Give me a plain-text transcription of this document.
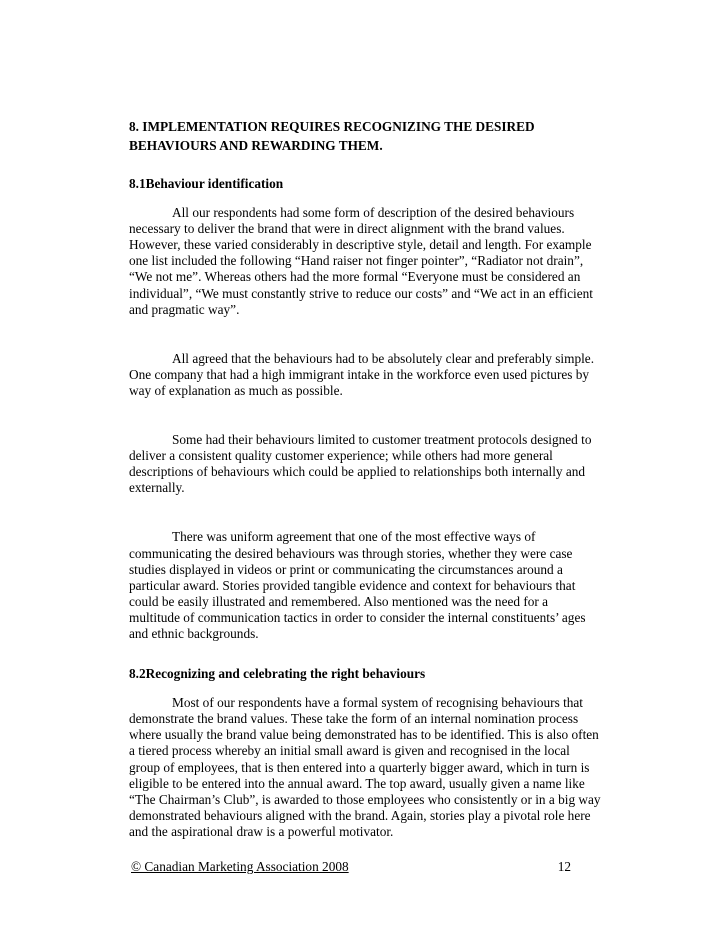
8. IMPLEMENTATION REQUIRES RECOGNIZING THE DESIRED BEHAVIOURS AND REWARDING THEM.
8.1Behaviour identification

All our respondents had some form of description of the desired behaviours necessary to deliver the brand that were in direct alignment with the brand values. However, these varied considerably in descriptive style, detail and length. For example one list included the following “Hand raiser not finger pointer”, “Radiator not drain”, “We not me”. Whereas others had the more formal “Everyone must be considered an individual”, “We must constantly strive to reduce our costs” and “We act in an efficient and pragmatic way”.

All agreed that the behaviours had to be absolutely clear and preferably simple. One company that had a high immigrant intake in the workforce even used pictures by way of explanation as much as possible.

Some had their behaviours limited to customer treatment protocols designed to deliver a consistent quality customer experience; while others had more general descriptions of behaviours which could be applied to relationships both internally and externally.

There was uniform agreement that one of the most effective ways of communicating the desired behaviours was through stories, whether they were case studies displayed in videos or print or communicating the circumstances around a particular award. Stories provided tangible evidence and context for behaviours that could be easily illustrated and remembered. Also mentioned was the need for a multitude of communication tactics in order to consider the internal constituents’ ages and ethnic backgrounds.

8.2Recognizing and celebrating the right behaviours

Most of our respondents have a formal system of recognising behaviours that demonstrate the brand values. These take the form of an internal nomination process where usually the brand value being demonstrated has to be identified. This is also often a tiered process whereby an initial small award is given and recognised in the local group of employees, that is then entered into a quarterly bigger award, which in turn is eligible to be entered into the annual award. The top award, usually given a name like “The Chairman’s Club”, is awarded to those employees who consistently or in a big way demonstrated behaviours aligned with the brand. Again, stories play a pivotal role here and the aspirational draw is a powerful motivator.

© Canadian Marketing Association 2008	12
